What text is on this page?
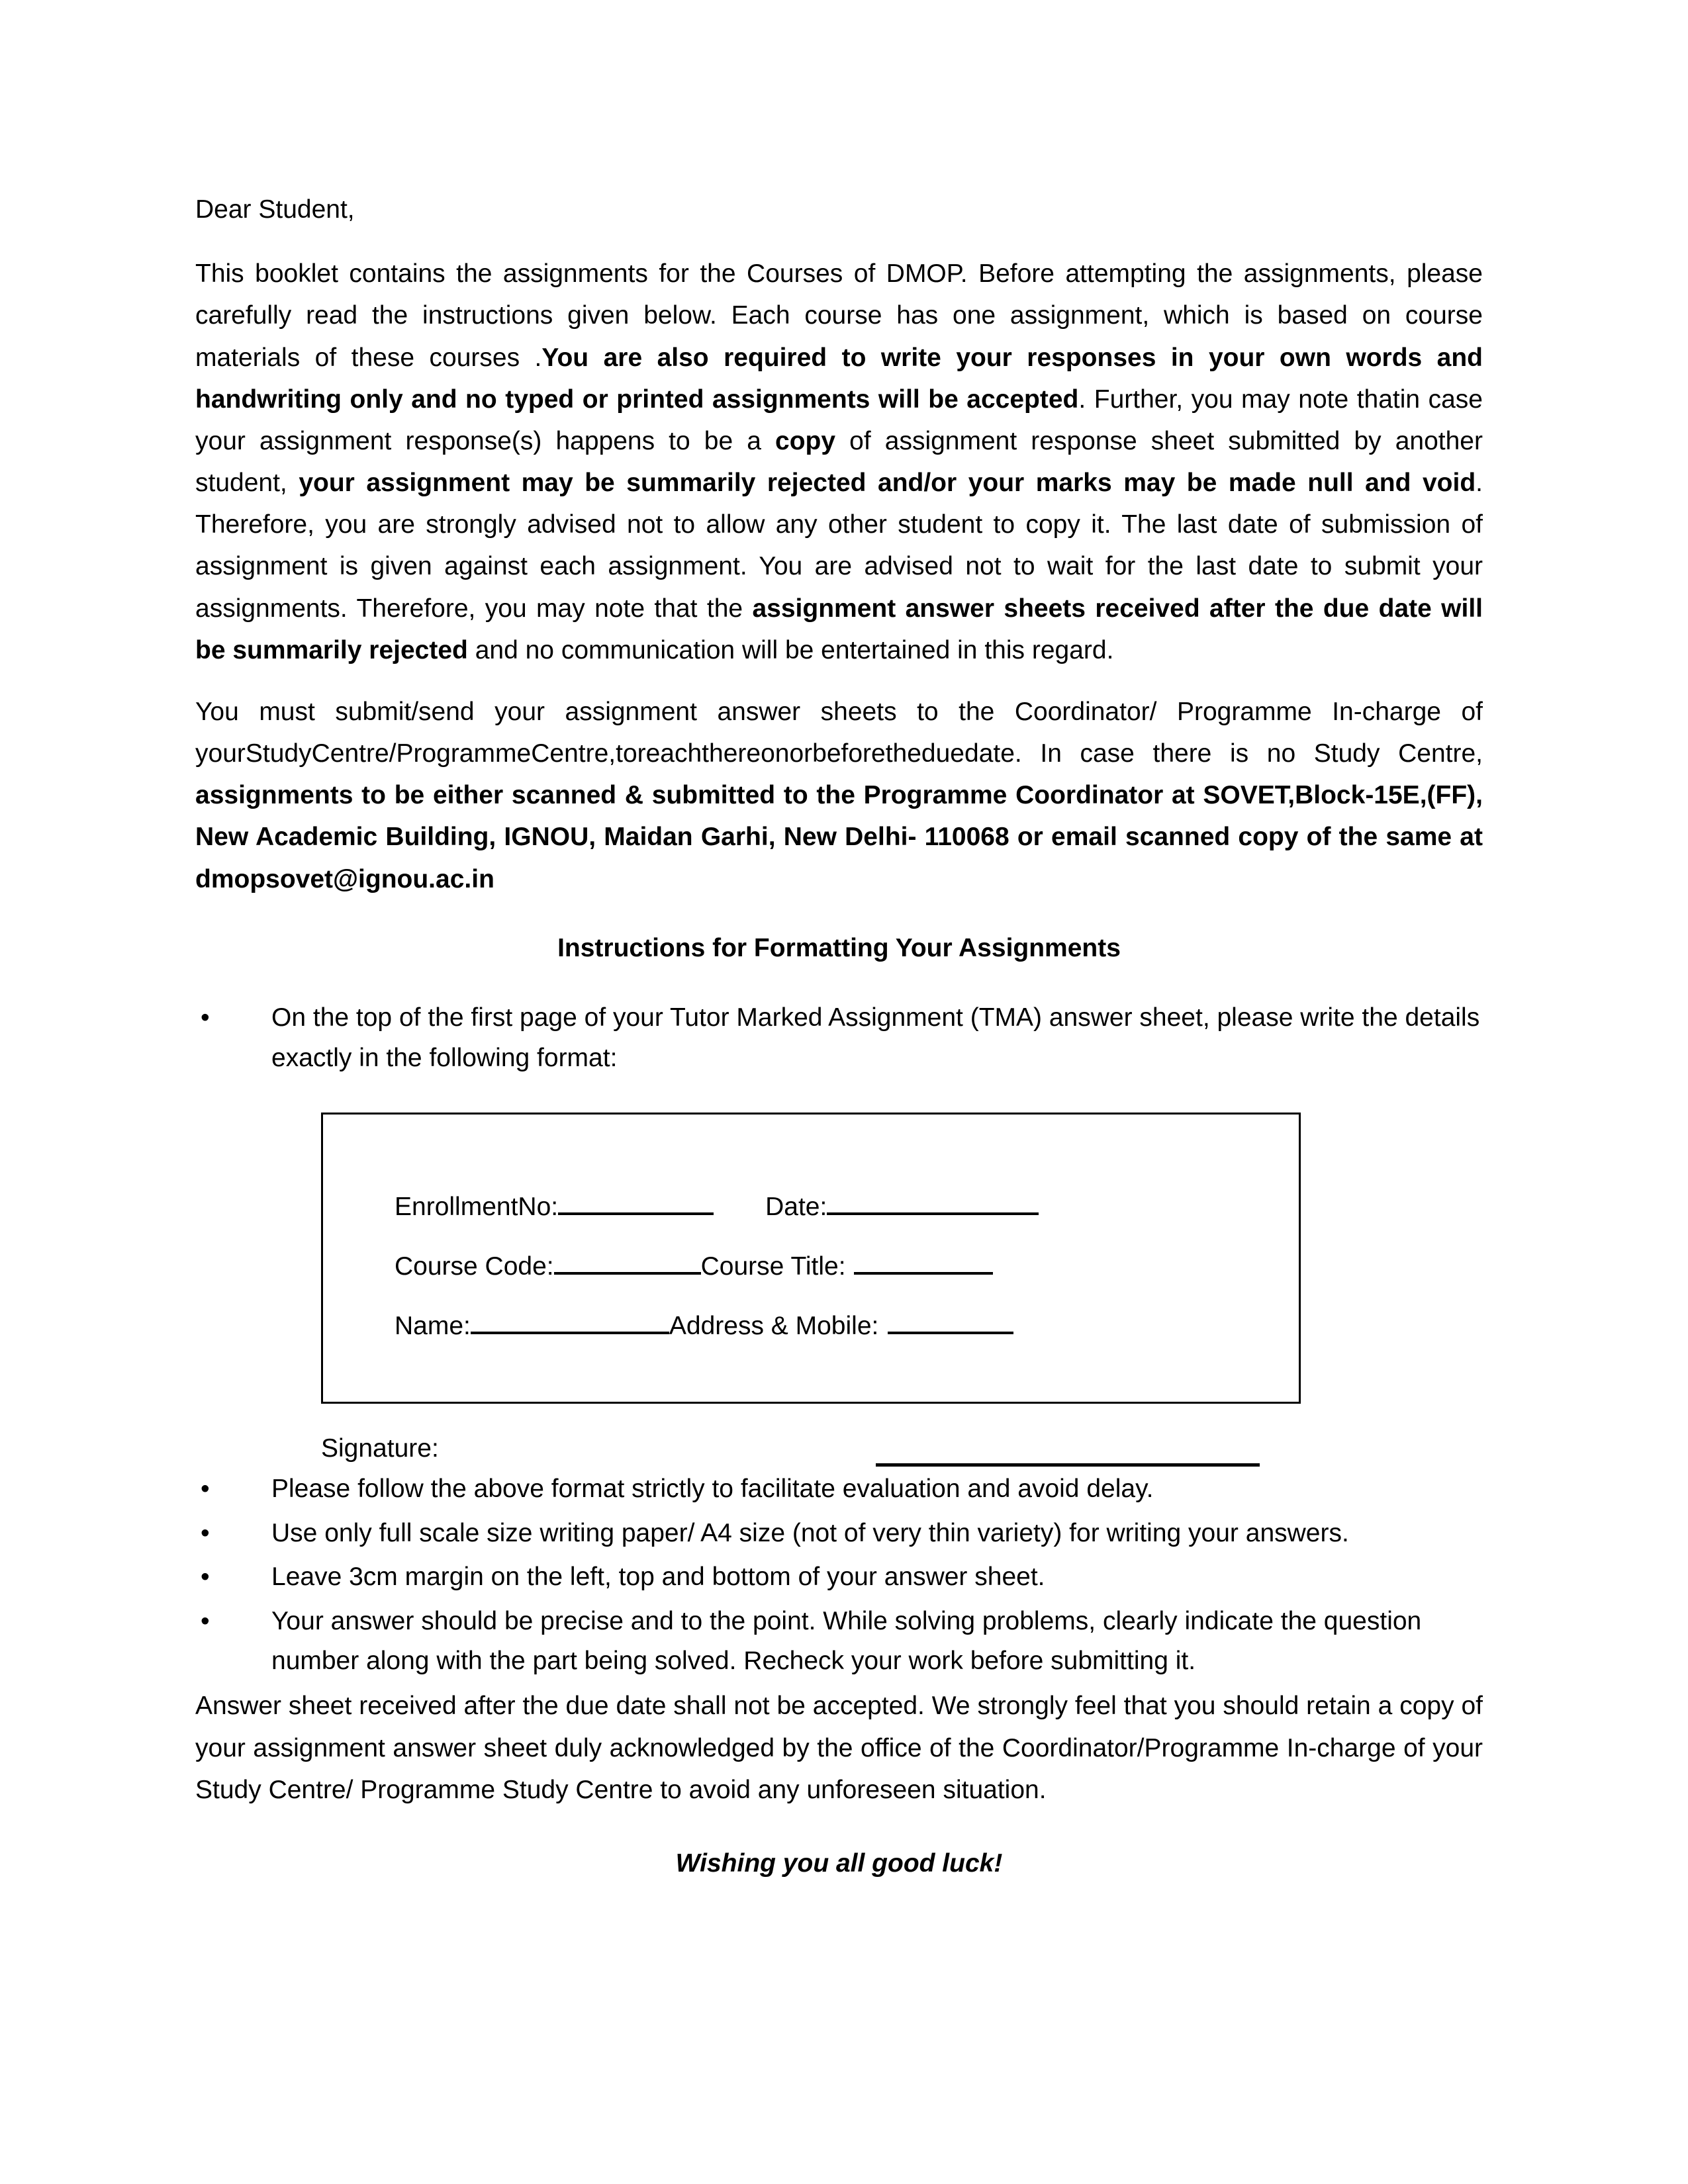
Dear Student,

This booklet contains the assignments for the Courses of DMOP. Before attempting the assignments, please carefully read the instructions given below. Each course has one assignment, which is based on course materials of these courses .You are also required to write your responses in your own words and handwriting only and no typed or printed assignments will be accepted. Further, you may note thatin case your assignment response(s) happens to be a copy of assignment response sheet submitted by another student, your assignment may be summarily rejected and/or your marks may be made null and void. Therefore, you are strongly advised not to allow any other student to copy it. The last date of submission of assignment is given against each assignment. You are advised not to wait for the last date to submit your assignments. Therefore, you may note that the assignment answer sheets received after the due date will be summarily rejected and no communication will be entertained in this regard.

You must submit/send your assignment answer sheets to the Coordinator/ Programme In-charge of yourStudyCentre/ProgrammeCentre,toreachthereonorbeforetheduedate. In case there is no Study Centre, assignments to be either scanned & submitted to the Programme Coordinator at SOVET,Block-15E,(FF), New Academic Building, IGNOU, Maidan Garhi, New Delhi- 110068 or email scanned copy of the same at dmopsovet@ignou.ac.in

Instructions for Formatting Your Assignments
• On the top of the first page of your Tutor Marked Assignment (TMA) answer sheet, please write the details exactly in the following format:
EnrollmentNo:	Date:
Course Code:	Course Title:
Name:	Address & Mobile:
Signature:
• Please follow the above format strictly to facilitate evaluation and avoid delay.
• Use only full scale size writing paper/ A4 size (not of very thin variety) for writing your answers.
• Leave 3cm margin on the left, top and bottom of your answer sheet.
• Your answer should be precise and to the point. While solving problems, clearly indicate the question number along with the part being solved. Recheck your work before submitting it.

Answer sheet received after the due date shall not be accepted. We strongly feel that you should retain a copy of your assignment answer sheet duly acknowledged by the office of the Coordinator/Programme In-charge of your Study Centre/ Programme Study Centre to avoid any unforeseen situation.

Wishing you all good luck!
